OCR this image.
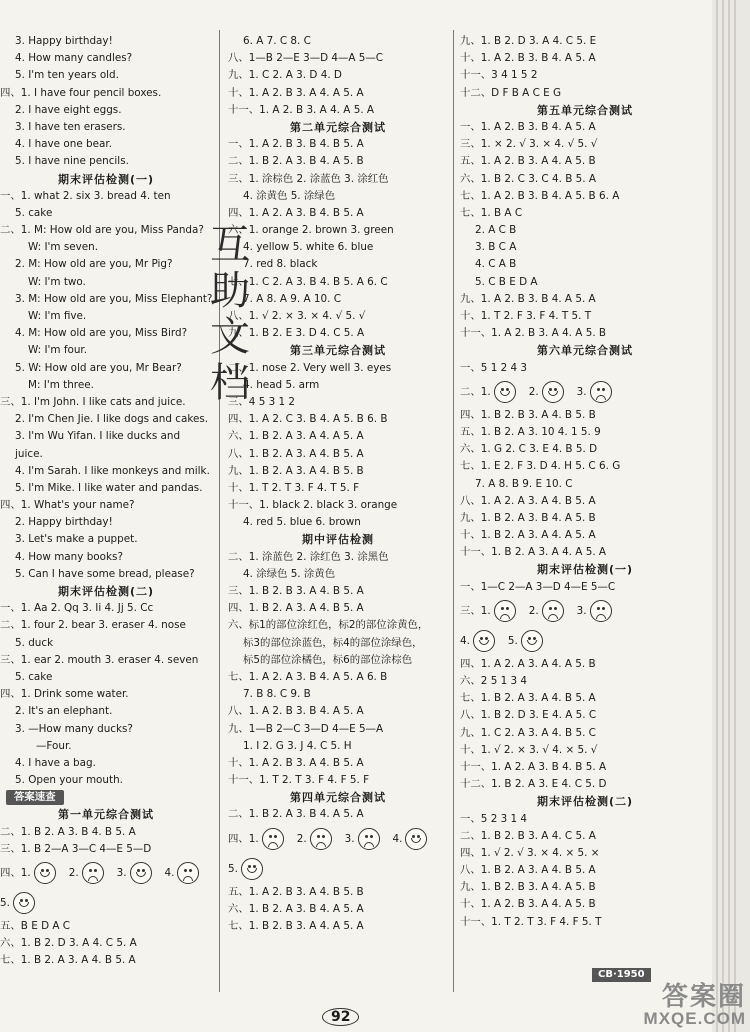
3. Happy birthday!
4. How many candles?
5. I'm ten years old.
四、1. I have four pencil boxes.
2. I have eight eggs.
3. I have ten erasers.
4. I have one bear.
5. I have nine pencils.
期末评估检测(一)
一、1. what 2. six 3. bread 4. ten
5. cake
二、1. M: How old are you, Miss Panda?
W: I'm seven.
2. M: How old are you, Mr Pig?
W: I'm two.
3. M: How old are you, Miss Elephant?
W: I'm five.
4. M: How old are you, Miss Bird?
W: I'm four.
5. W: How old are you, Mr Bear?
M: I'm three.
三、1. I'm John. I like cats and juice.
2. I'm Chen Jie. I like dogs and cakes.
3. I'm Wu Yifan. I like ducks and
juice.
4. I'm Sarah. I like monkeys and milk.
5. I'm Mike. I like water and pandas.
四、1. What's your name?
2. Happy birthday!
3. Let's make a puppet.
4. How many books?
5. Can I have some bread, please?
期末评估检测(二)
一、1. Aa 2. Qq 3. Ii 4. Jj 5. Cc
二、1. four 2. bear 3. eraser 4. nose
5. duck
三、1. ear 2. mouth 3. eraser 4. seven
5. cake
四、1. Drink some water.
2. It's an elephant.
3. —How many ducks?
—Four.
4. I have a bag.
5. Open your mouth.
答案速查
第一单元综合测试
二、1. B 2. A 3. B 4. B 5. A
三、1. B 2—A 3—C 4—E 5—D
四、1.	2.	3.	4.
5.
五、B E D A C
六、1. B 2. D 3. A 4. C 5. A
七、1. B 2. A 3. A 4. B 5. A
6. A 7. C 8. C
八、1—B 2—E 3—D 4—A 5—C
九、1. C 2. A 3. D 4. D
十、1. A 2. B 3. A 4. A 5. A
十一、1. A 2. B 3. A 4. A 5. A
第二单元综合测试
一、1. A 2. B 3. B 4. B 5. A
二、1. B 2. A 3. B 4. A 5. B
三、1. 涂棕色 2. 涂蓝色 3. 涂红色
4. 涂黄色 5. 涂绿色
四、1. A 2. A 3. B 4. B 5. A
六、1. orange 2. brown 3. green
4. yellow 5. white 6. blue
7. red 8. black
七、1. C 2. A 3. B 4. B 5. A 6. C
7. A 8. A 9. A 10. C
八、1. √ 2. × 3. × 4. √ 5. √
九、1. B 2. E 3. D 4. C 5. A
第三单元综合测试
二、1. nose 2. Very well 3. eyes
4. head 5. arm
三、4 5 3 1 2
四、1. A 2. C 3. B 4. A 5. B 6. B
六、1. B 2. A 3. A 4. A 5. A
八、1. B 2. A 3. A 4. B 5. A
九、1. B 2. A 3. A 4. B 5. B
十、1. T 2. T 3. F 4. T 5. F
十一、1. black 2. black 3. orange
4. red 5. blue 6. brown
期中评估检测
二、1. 涂蓝色 2. 涂红色 3. 涂黑色
4. 涂绿色 5. 涂黄色
三、1. B 2. B 3. A 4. B 5. A
四、1. B 2. A 3. A 4. B 5. A
六、标1的部位涂红色，标2的部位涂黄色，
标3的部位涂蓝色，标4的部位涂绿色，
标5的部位涂橘色，标6的部位涂棕色
七、1. A 2. A 3. B 4. A 5. A 6. B
7. B 8. C 9. B
八、1. A 2. B 3. B 4. A 5. A
九、1—B 2—C 3—D 4—E 5—A
1. I 2. G 3. J 4. C 5. H
十、1. A 2. B 3. A 4. B 5. A
十一、1. T 2. T 3. F 4. F 5. F
第四单元综合测试
二、1. B 2. A 3. B 4. A 5. A
四、1.	2.	3.	4.
5.
五、1. A 2. B 3. A 4. B 5. B
六、1. B 2. A 3. B 4. A 5. A
七、1. B 2. B 3. A 4. A 5. A
九、1. B 2. D 3. A 4. C 5. E
十、1. A 2. B 3. B 4. A 5. A
十一、3 4 1 5 2
十二、D F B A C E G
第五单元综合测试
一、1. A 2. B 3. B 4. A 5. A
三、1. × 2. √ 3. × 4. √ 5. √
五、1. A 2. B 3. A 4. A 5. B
六、1. B 2. C 3. C 4. B 5. A
七、1. A 2. B 3. B 4. A 5. B 6. A
七、1. B A C
2. A C B
3. B C A
4. C A B
5. C B E D A
九、1. A 2. B 3. B 4. A 5. A
十、1. T 2. F 3. F 4. T 5. T
十一、1. A 2. B 3. A 4. A 5. B
第六单元综合测试
一、5 1 2 4 3
二、1.	2.	3.
四、1. B 2. B 3. A 4. B 5. B
五、1. B 2. A 3. 10 4. 1 5. 9
六、1. G 2. C 3. E 4. B 5. D
七、1. E 2. F 3. D 4. H 5. C 6. G
7. A 8. B 9. E 10. C
八、1. A 2. A 3. A 4. B 5. A
九、1. B 2. A 3. B 4. A 5. B
十、1. B 2. A 3. A 4. A 5. A
十一、1. B 2. A 3. A 4. A 5. A
期末评估检测(一)
一、1—C 2—A 3—D 4—E 5—C
三、1.	2.	3.
4.	5.
四、1. A 2. A 3. A 4. A 5. B
六、2 5 1 3 4
七、1. B 2. A 3. A 4. B 5. A
八、1. B 2. D 3. E 4. A 5. C
九、1. C 2. A 3. A 4. B 5. C
十、1. √ 2. × 3. √ 4. × 5. √
十一、1. A 2. A 3. B 4. B 5. A
十二、1. B 2. A 3. E 4. C 5. D
期末评估检测(二)
一、5 2 3 1 4
二、1. B 2. B 3. A 4. C 5. A
四、1. √ 2. √ 3. × 4. × 5. ×
八、1. B 2. A 3. A 4. B 5. A
九、1. B 2. B 3. A 4. A 5. B
十、1. A 2. B 3. A 4. A 5. B
十一、1. T 2. T 3. F 4. F 5. T
互助文档
92
CB·1950
答案圈
MXQE.COM
